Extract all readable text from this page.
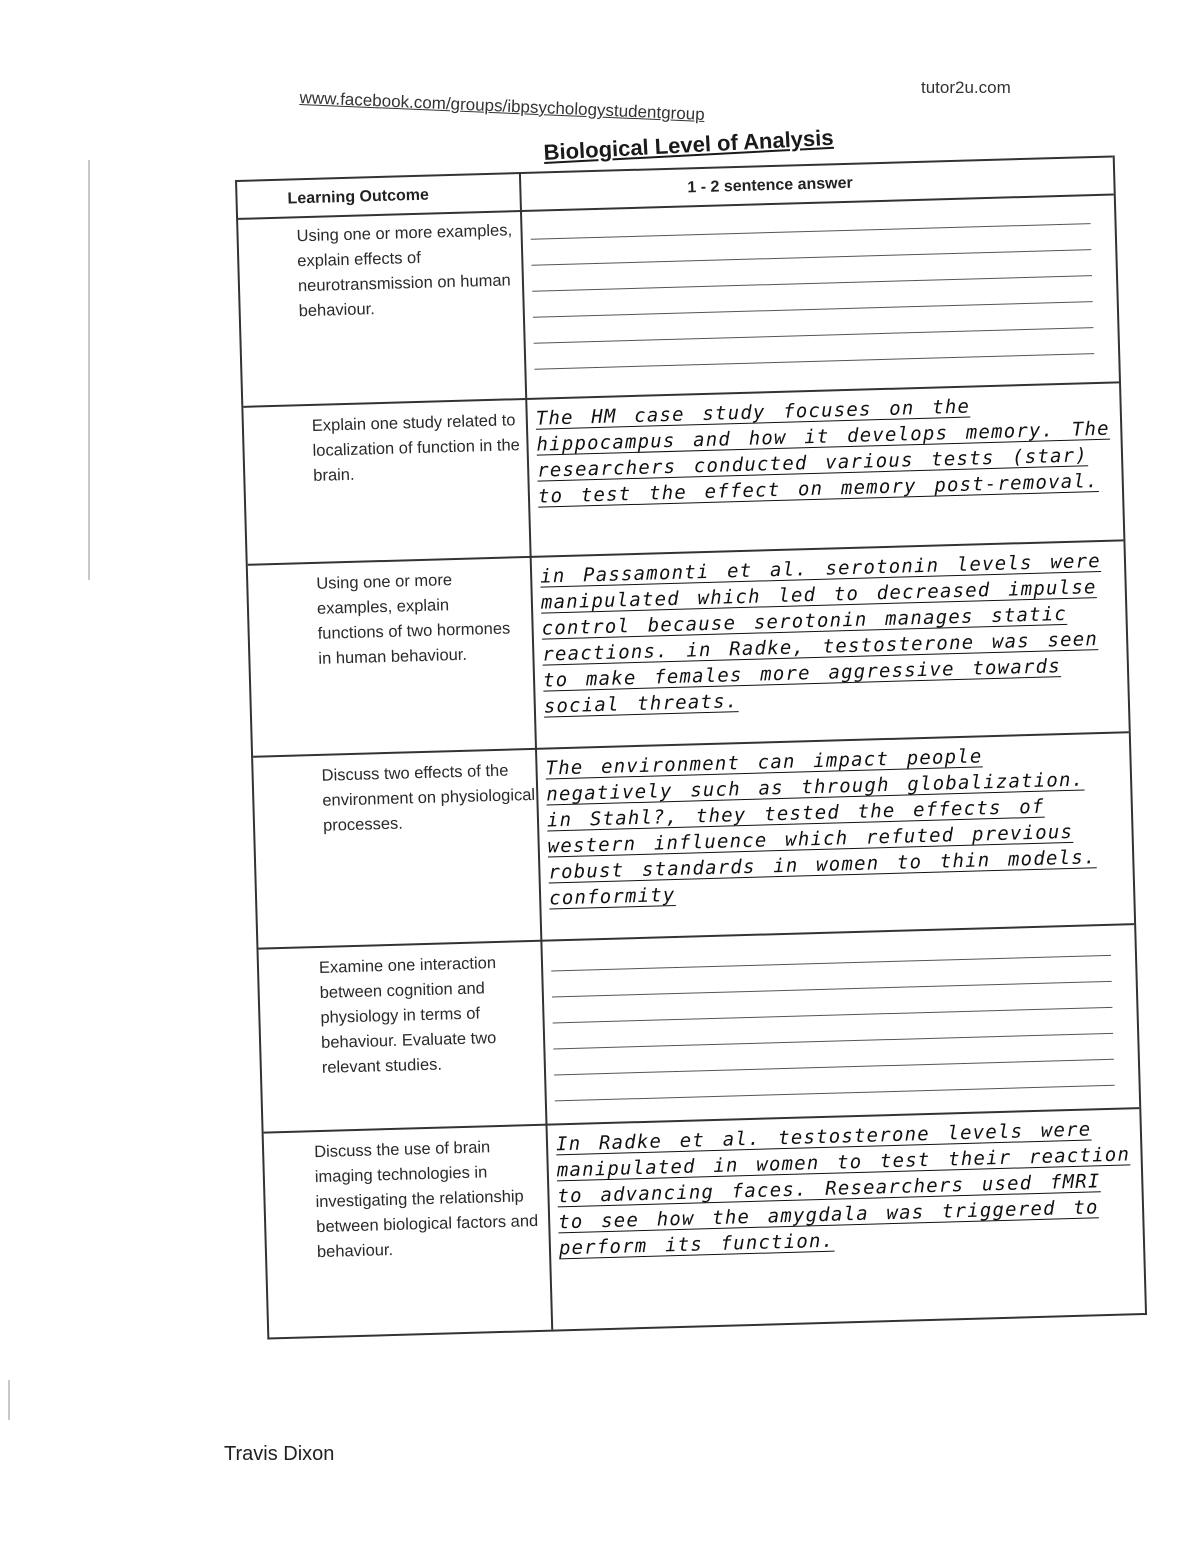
www.facebook.com/groups/ibpsychologystudentgroup
tutor2u.com
Biological Level of Analysis
Learning Outcome
1 - 2 sentence answer
Using one or more examples, explain effects of neurotransmission on human behaviour.
Explain one study related to localization of function in the brain.
The HM case study focuses on the hippocampus and how it develops memory. The researchers conducted various tests (star) to test the effect on memory post-removal.
Using one or more examples, explain functions of two hormones in human behaviour.
in Passamonti et al. serotonin levels were manipulated which led to decreased impulse control because serotonin manages static reactions. in Radke, testosterone was seen to make females more aggressive towards social threats.
Discuss two effects of the environment on physiological processes.
The environment can impact people negatively such as through globalization. in Stahl?, they tested the effects of western influence which refuted previous robust standards in women to thin models. conformity
Examine one interaction between cognition and physiology in terms of behaviour. Evaluate two relevant studies.
Discuss the use of brain imaging technologies in investigating the relationship between biological factors and behaviour.
In Radke et al. testosterone levels were manipulated in women to test their reaction to advancing faces. Researchers used fMRI to see how the amygdala was triggered to perform its function.
Travis Dixon
